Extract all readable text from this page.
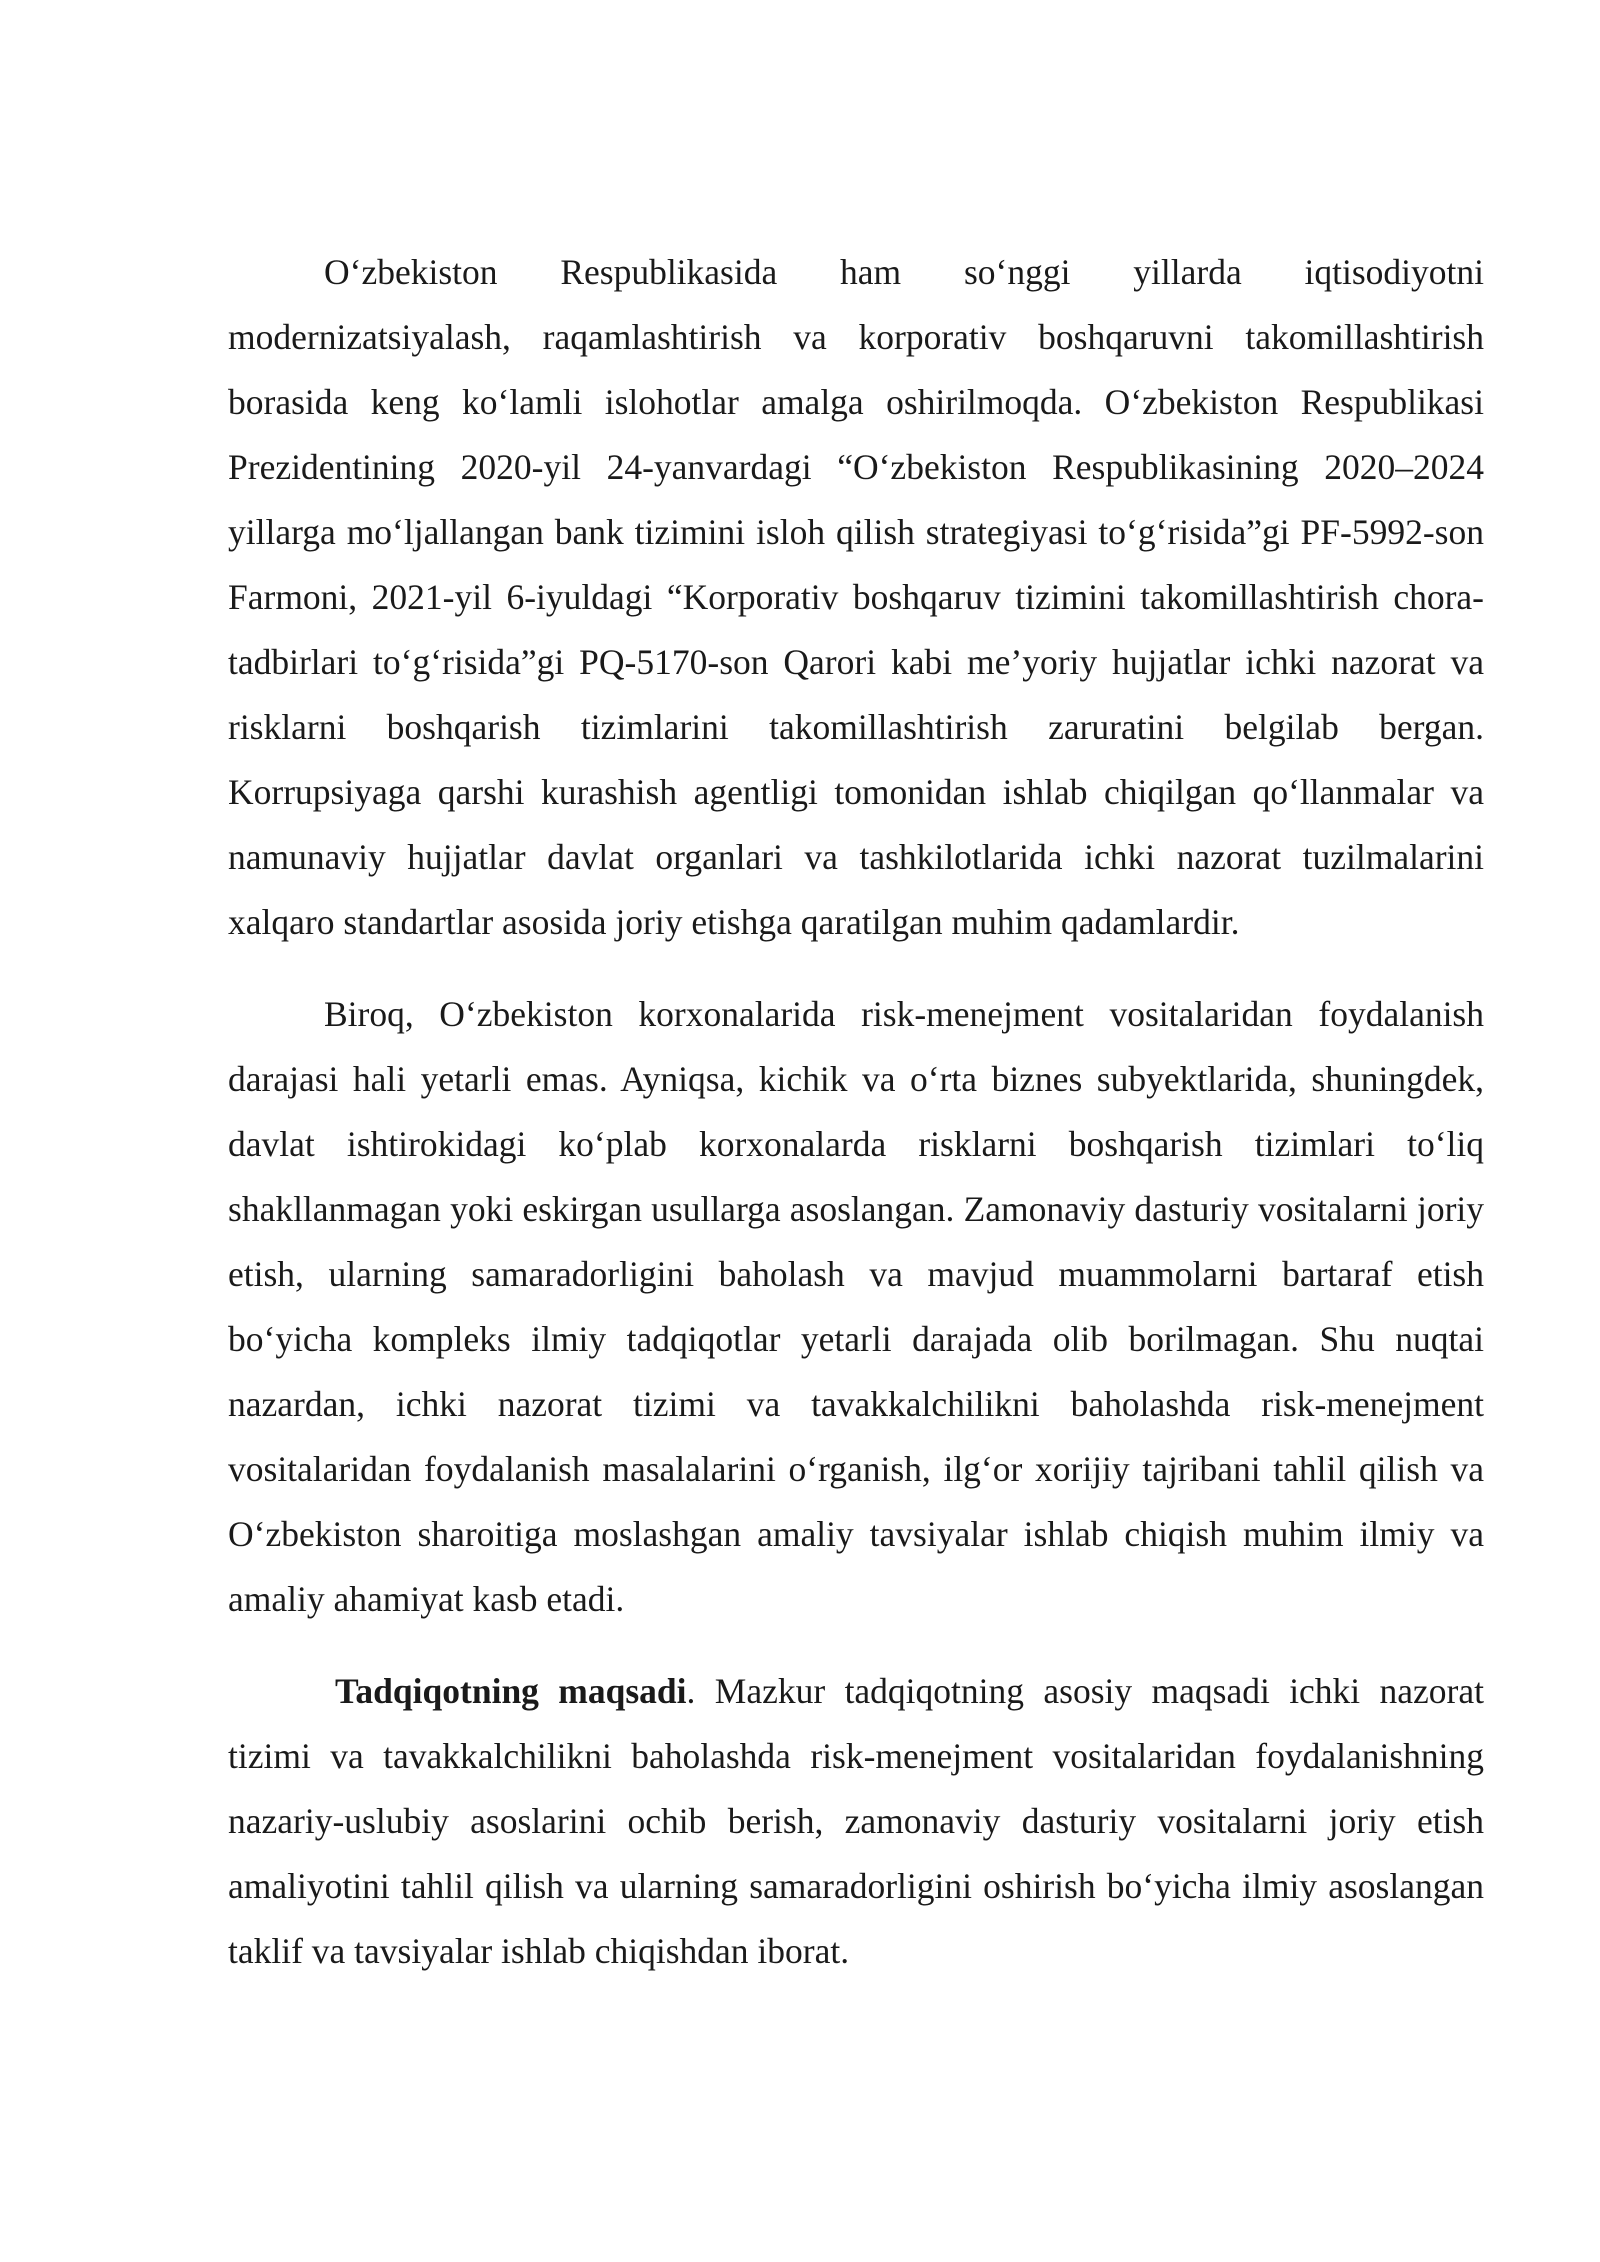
O‘zbekiston Respublikasida ham so‘nggi yillarda iqtisodiyotni modernizatsiyalash, raqamlashtirish va korporativ boshqaruvni takomillashtirish borasida keng ko‘lamli islohotlar amalga oshirilmoqda. O‘zbekiston Respublikasi Prezidentining 2020-yil 24-yanvardagi “O‘zbekiston Respublikasining 2020–2024 yillarga mo‘ljallangan bank tizimini isloh qilish strategiyasi to‘g‘risida”gi PF-5992-son Farmoni, 2021-yil 6-iyuldagi “Korporativ boshqaruv tizimini takomillashtirish chora-tadbirlari to‘g‘risida”gi PQ-5170-son Qarori kabi me’yoriy hujjatlar ichki nazorat va risklarni boshqarish tizimlarini takomillashtirish zaruratini belgilab bergan. Korrupsiyaga qarshi kurashish agentligi tomonidan ishlab chiqilgan qo‘llanmalar va namunaviy hujjatlar davlat organlari va tashkilotlarida ichki nazorat tuzilmalarini xalqaro standartlar asosida joriy etishga qaratilgan muhim qadamlardir.

Biroq, O‘zbekiston korxonalarida risk-menejment vositalaridan foydalanish darajasi hali yetarli emas. Ayniqsa, kichik va o‘rta biznes subyektlarida, shuningdek, davlat ishtirokidagi ko‘plab korxonalarda risklarni boshqarish tizimlari to‘liq shakllanmagan yoki eskirgan usullarga asoslangan. Zamonaviy dasturiy vositalarni joriy etish, ularning samaradorligini baholash va mavjud muammolarni bartaraf etish bo‘yicha kompleks ilmiy tadqiqotlar yetarli darajada olib borilmagan. Shu nuqtai nazardan, ichki nazorat tizimi va tavakkalchilikni baholashda risk-menejment vositalaridan foydalanish masalalarini o‘rganish, ilg‘or xorijiy tajribani tahlil qilish va O‘zbekiston sharoitiga moslashgan amaliy tavsiyalar ishlab chiqish muhim ilmiy va amaliy ahamiyat kasb etadi.

Tadqiqotning maqsadi. Mazkur tadqiqotning asosiy maqsadi ichki nazorat tizimi va tavakkalchilikni baholashda risk-menejment vositalaridan foydalanishning nazariy-uslubiy asoslarini ochib berish, zamonaviy dasturiy vositalarni joriy etish amaliyotini tahlil qilish va ularning samaradorligini oshirish bo‘yicha ilmiy asoslangan taklif va tavsiyalar ishlab chiqishdan iborat.
